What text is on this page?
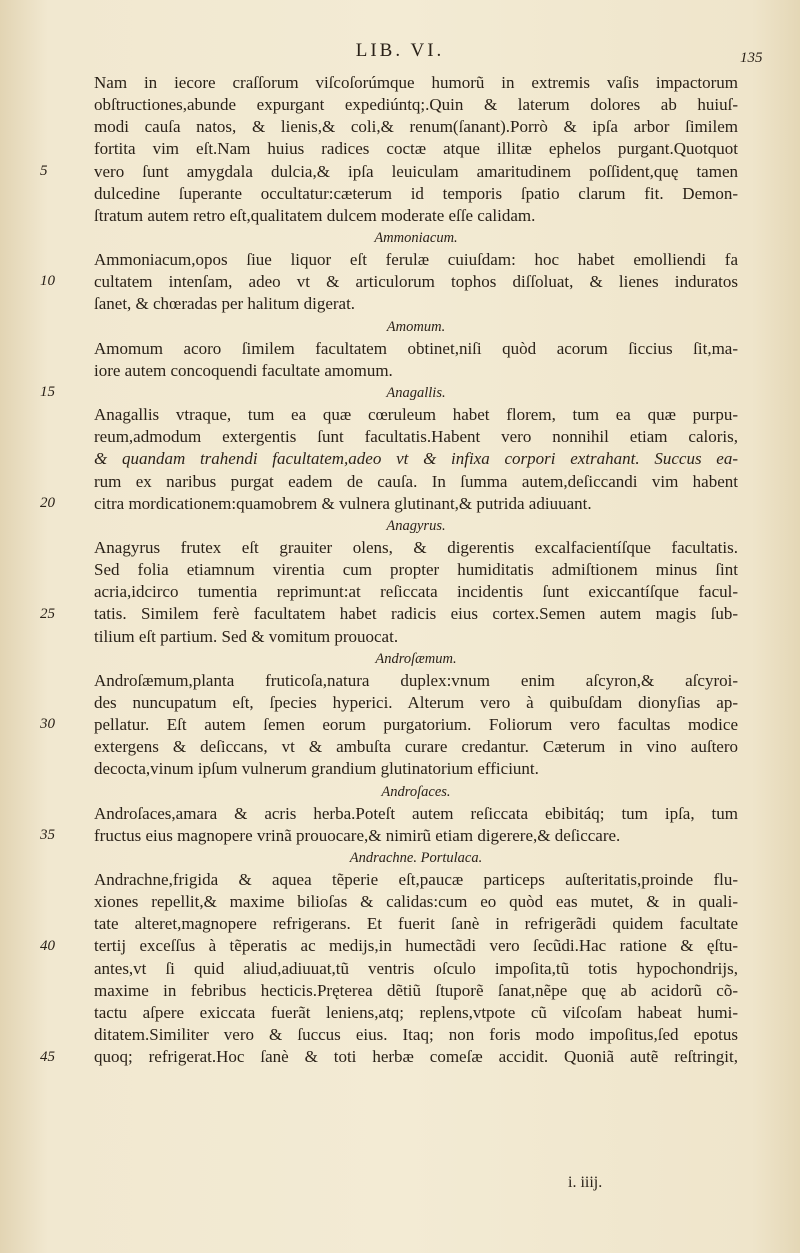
LIB. VI.	135
Nam in iecore craſſorum viſcoſorúmque humorũ in extremis vaſis impactorum
obſtructiones,abunde expurgant expediúntq;.Quin & laterum dolores ab huiuſ-
modi cauſa natos, & lienis,& coli,& renum(ſanant).Porrò & ipſa arbor ſimilem
fortita vim eſt.Nam huius radices coctæ atque illitæ ephelos purgant.Quotquot
vero ſunt amygdala dulcia,& ipſa leuiculam amaritudinem poſſident,quę tamen
dulcedine ſuperante occultatur:cæterum id temporis ſpatio clarum fit. Demon-
ſtratum autem retro eſt,qualitatem dulcem moderate eſſe calidam.
Ammoniacum.
Ammoniacum,opos ſiue liquor eſt ferulæ cuiuſdam: hoc habet emolliendi fa
cultatem intenſam, adeo vt & articulorum tophos diſſoluat, & lienes induratos
ſanet, & chœradas per halitum digerat.
Amomum.
Amomum acoro ſimilem facultatem obtinet,niſi quòd acorum ſiccius ſit,ma-
iore autem concoquendi facultate amomum.
Anagallis.
Anagallis vtraque, tum ea quæ cœruleum habet florem, tum ea quæ purpu-
reum,admodum extergentis ſunt facultatis.Habent vero nonnihil etiam caloris,
& quandam trahendi facultatem,adeo vt & infixa corpori extrahant. Succus ea-
rum ex naribus purgat eadem de cauſa. In ſumma autem,deſiccandi vim habent
citra mordicationem:quamobrem & vulnera glutinant,& putrida adiuuant.
Anagyrus.
Anagyrus frutex eſt grauiter olens, & digerentis excalfacientíſque facultatis.
Sed folia etiamnum virentia cum propter humiditatis admiſtionem minus ſint
acria,idcirco tumentia reprimunt:at reſiccata incidentis ſunt exiccantíſque facul-
tatis. Similem ferè facultatem habet radicis eius cortex.Semen autem magis ſub-
tilium eſt partium. Sed & vomitum prouocat.
Androſæmum.
Androſæmum,planta fruticoſa,natura duplex:vnum enim aſcyron,& aſcyroi-
des nuncupatum eſt, ſpecies hyperici. Alterum vero à quibuſdam dionyſias ap-
pellatur. Eſt autem ſemen eorum purgatorium. Foliorum vero facultas modice
extergens & deſiccans, vt & ambuſta curare credantur. Cæterum in vino auſtero
decocta,vinum ipſum vulnerum grandium glutinatorium efficiunt.
Androſaces.
Androſaces,amara & acris herba.Poteſt autem reſiccata ebibitáq; tum ipſa, tum
fructus eius magnopere vrinã prouocare,& nimirũ etiam digerere,& deſiccare.
Andrachne. Portulaca.
Andrachne,frigida & aquea tẽperie eſt,paucæ particeps auſteritatis,proinde flu-
xiones repellit,& maxime bilioſas & calidas:cum eo quòd eas mutet, & in quali-
tate alteret,magnopere refrigerans. Et fuerit ſanè in refrigerãdi quidem facultate
tertij exceſſus à tẽperatis ac medijs,in humectãdi vero ſecũdi.Hac ratione & ęſtu-
antes,vt ſi quid aliud,adiuuat,tũ ventris oſculo impoſita,tũ totis hypochondrijs,
maxime in febribus hecticis.Pręterea dẽtiũ ſtuporẽ ſanat,nẽpe quę ab acidorũ cõ-
tactu aſpere exiccata fuerãt leniens,atq; replens,vtpote cũ viſcoſam habeat humi-
ditatem.Similiter vero & ſuccus eius. Itaq; non foris modo impoſitus,ſed epotus
quoq; refrigerat.Hoc ſanè & toti herbæ comeſæ accidit. Quoniã autẽ reſtringit,
5
10
15
20
25
30
35
40
45
i. iiij.
